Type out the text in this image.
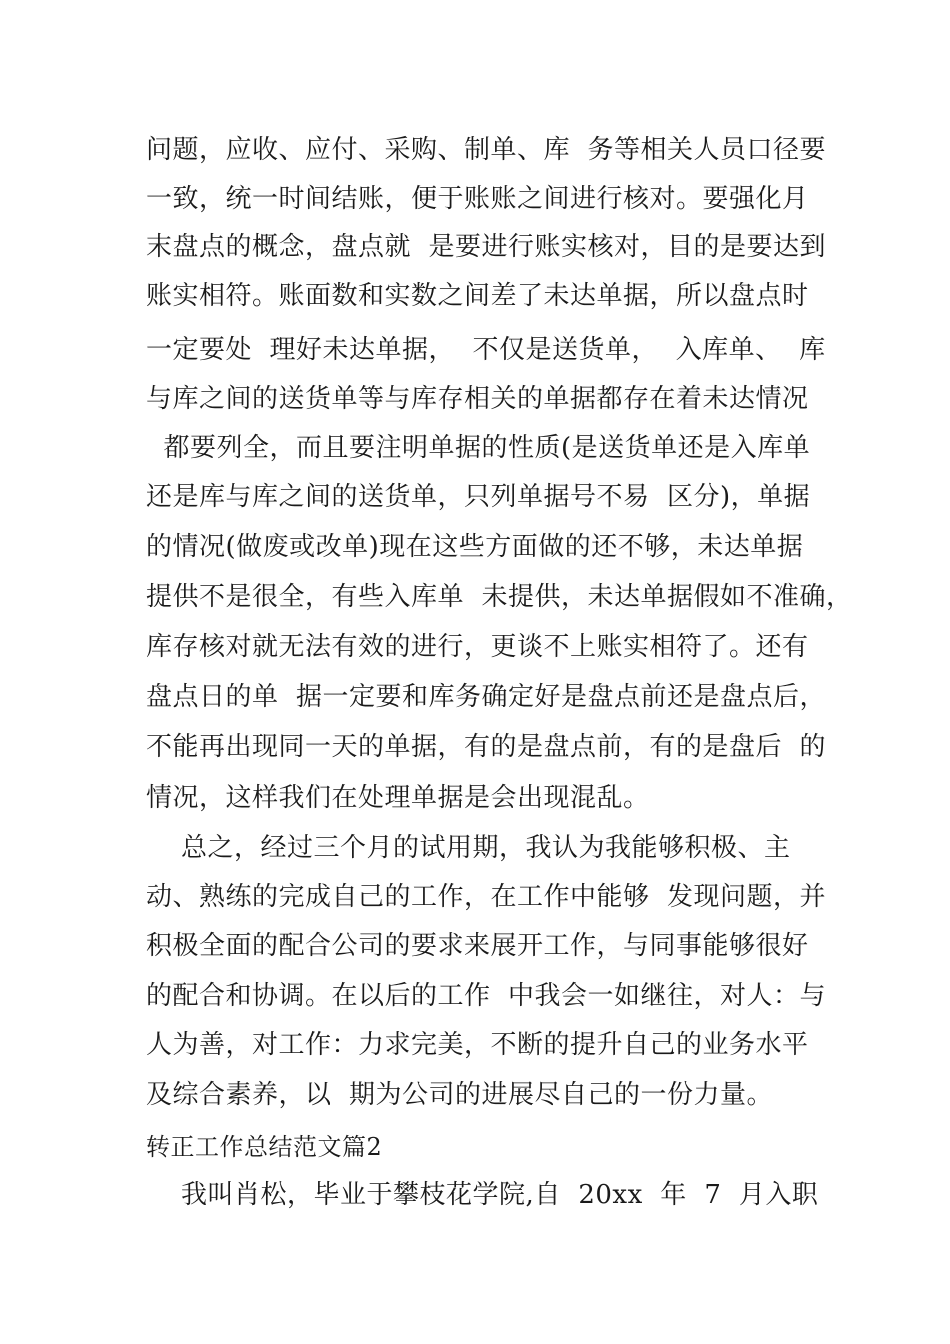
问题，应收、应付、采购、制单、库  务等相关人员口径要
一致，统一时间结账，便于账账之间进行核对。要强化月
末盘点的概念，盘点就  是要进行账实核对，目的是要达到
账实相符。账面数和实数之间差了未达单据，所以盘点时
一定要处  理好未达单据，  不仅是送货单，  入库单、  库
与库之间的送货单等与库存相关的单据都存在着未达情况
都要列全，而且要注明单据的性质(是送货单还是入库单
还是库与库之间的送货单，只列单据号不易  区分)，单据
的情况(做废或改单)现在这些方面做的还不够，未达单据
提供不是很全，有些入库单  未提供，未达单据假如不准确，
库存核对就无法有效的进行，更谈不上账实相符了。还有
盘点日的单  据一定要和库务确定好是盘点前还是盘点后，
不能再出现同一天的单据，有的是盘点前，有的是盘后  的
情况，这样我们在处理单据是会出现混乱。
总之，经过三个月的试用期，我认为我能够积极、主
动、熟练的完成自己的工作，在工作中能够  发现问题，并
积极全面的配合公司的要求来展开工作，与同事能够很好
的配合和协调。在以后的工作  中我会一如继往，对人：与
人为善，对工作：力求完美，不断的提升自己的业务水平
及综合素养，以  期为公司的进展尽自己的一份力量。
转正工作总结范文篇2
我叫肖松，毕业于攀枝花学院,自  20xx  年  7  月入职
